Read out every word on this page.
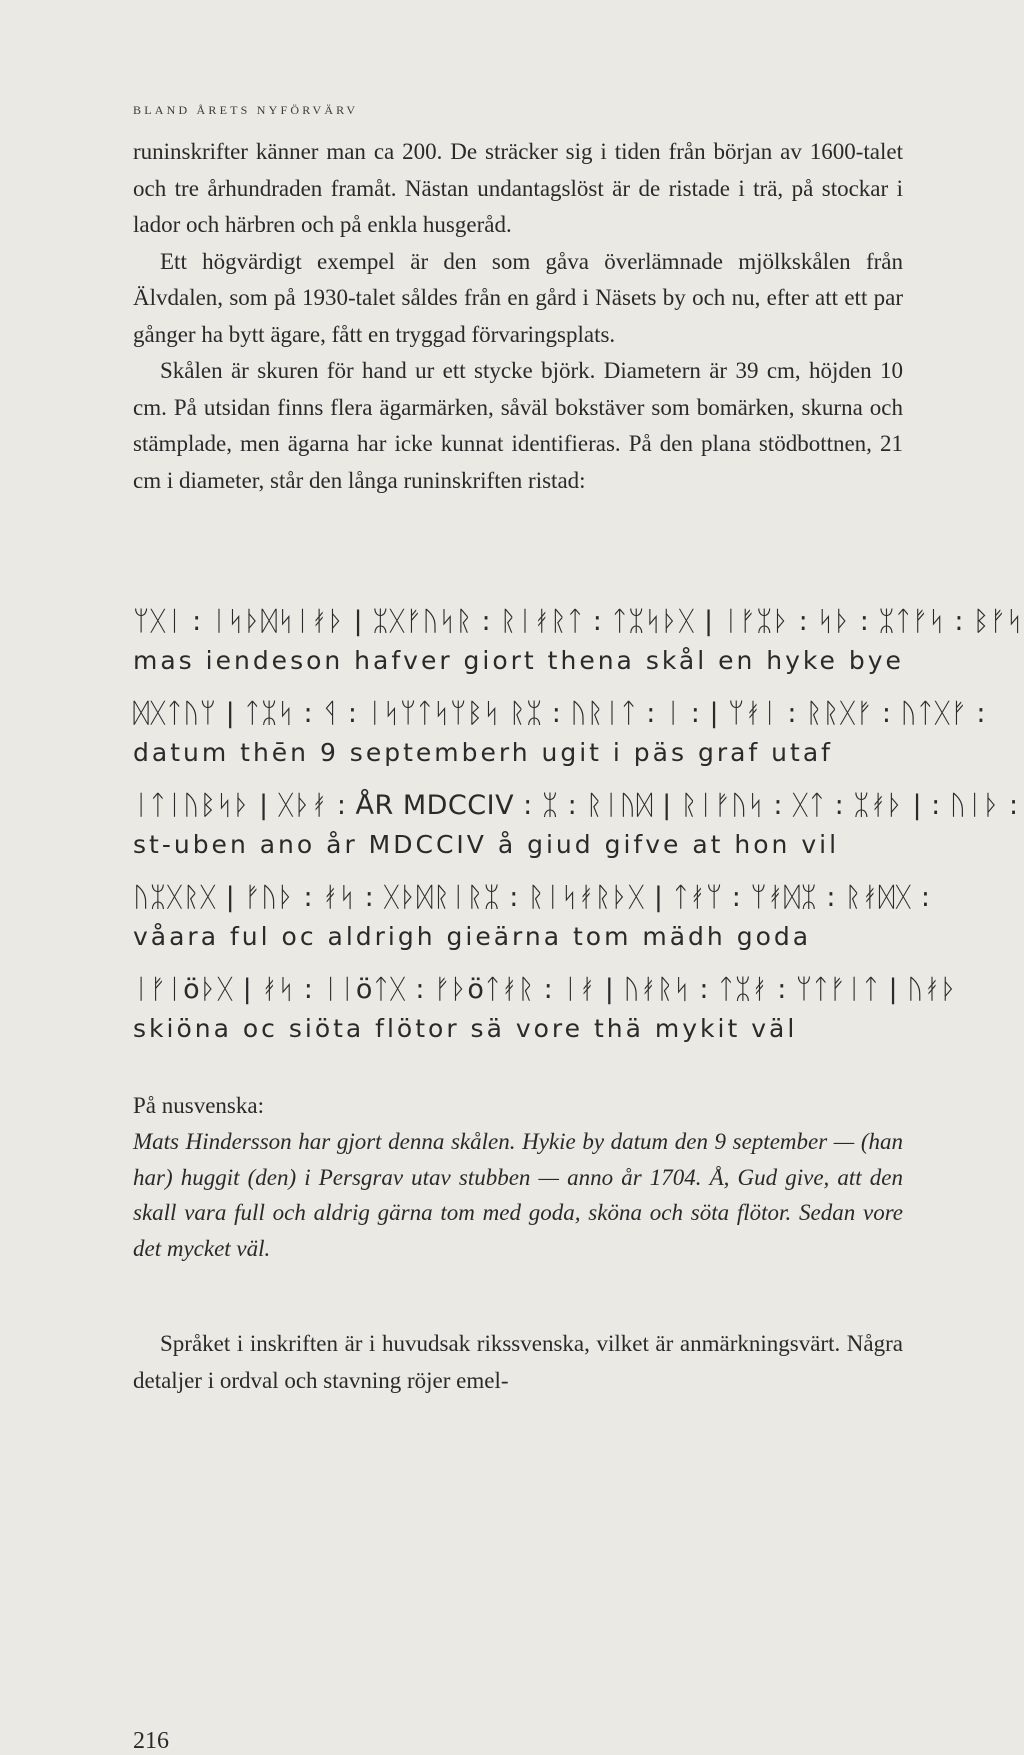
BLAND ÅRETS NYFÖRVÄRV

runinskrifter känner man ca 200. De sträcker sig i tiden från början av 1600-talet och tre århundraden framåt. Nästan undantagslöst är de ristade i trä, på stockar i lador och härbren och på enkla husgeråd.

Ett högvärdigt exempel är den som gåva överlämnade mjölkskålen från Älvdalen, som på 1930-talet såldes från en gård i Näsets by och nu, efter att ett par gånger ha bytt ägare, fått en tryggad förvaringsplats.

Skålen är skuren för hand ur ett stycke björk. Diametern är 39 cm, höjden 10 cm. På utsidan finns flera ägarmärken, såväl bokstäver som bomärken, skurna och stämplade, men ägarna har icke kunnat identifieras. På den plana stödbottnen, 21 cm i diameter, står den långa runinskriften ristad:

ᛘᚷᛁ : ᛁᛋᚦᛞᛋᛁᚯᚦ | ᛯᚷᚠᚢᛋᚱ : ᚱᛁᚯᚱᛏ : ᛏᛯᛋᚦᚷ | ᛁᚠᛯᚦ : ᛋᚦ : ᛯᛏᚠᛋ : ᛒᚠᛋ
mas iendeson hafver giort thena skål en hyke bye
ᛞᚷᛏᚢᛘ | ᛏᛯᛋ : ᛩ : ᛁᛋᛘᛏᛋᛘᛒᛋ ᚱᛯ : ᚢᚱᛁᛏ : ᛁ : | ᛘᚯᛁ : ᚱᚱᚷᚠ : ᚢᛏᚷᚠ :
datum thēn 9 septemberh ugit i päs graf utaf
ᛁᛏᛁᚢᛒᛋᚦ | ᚷᚦᚯ : ÅR MDCCIV : ᛯ : ᚱᛁᚢᛞ | ᚱᛁᚠᚢᛋ : ᚷᛏ : ᛯᚯᚦ | : ᚢᛁᚦ :
st-uben ano år MDCCIV å giud gifve at hon vil
ᚢᛯᚷᚱᚷ | ᚠᚢᚦ : ᚯᛋ : ᚷᚦᛞᚱᛁᚱᛯ : ᚱᛁᛋᚯᚱᚦᚷ | ᛏᚯᛘ : ᛘᚯᛞᛯ : ᚱᚯᛞᚷ :
våara ful oc aldrigh gieärna tom mädh goda
ᛁᚠᛁöᚦᚷ | ᚯᛋ : ᛁᛁöᛏᚷ : ᚠᚦöᛏᚯᚱ : ᛁᚯ | ᚢᚯᚱᛋ : ᛏᛯᚯ : ᛘᛏᚠᛁᛏ | ᚢᚯᚦ
skiöna oc siöta flötor sä vore thä mykit väl
På nusvenska:
Mats Hindersson har gjort denna skålen. Hykie by datum den 9 september — (han har) huggit (den) i Persgrav utav stubben — anno år 1704. Å, Gud give, att den skall vara full och aldrig gärna tom med goda, sköna och söta flötor. Sedan vore det mycket väl.

Språket i inskriften är i huvudsak rikssvenska, vilket är anmärkningsvärt. Några detaljer i ordval och stavning röjer emel-

216
